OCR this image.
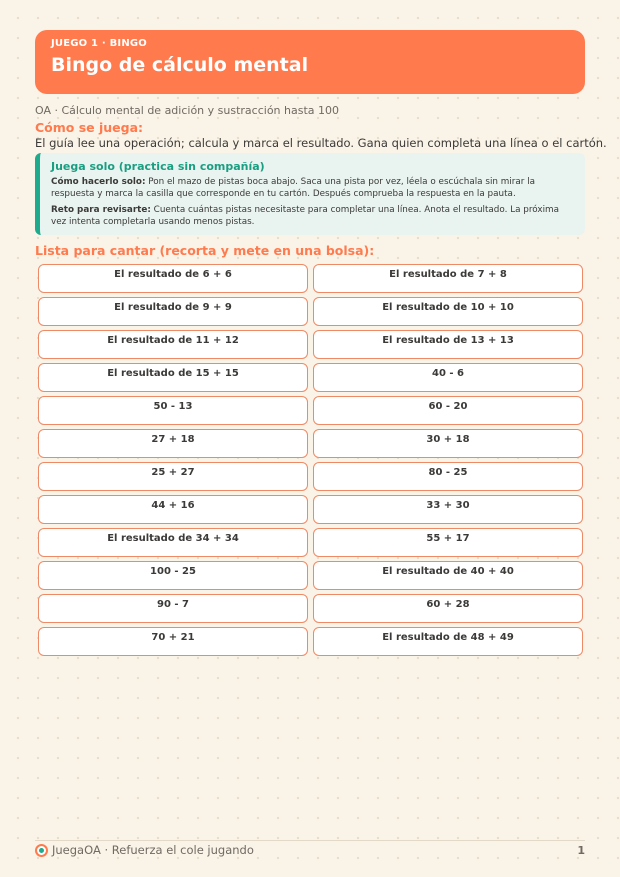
JUEGO 1 · BINGO
Bingo de cálculo mental
OA · Cálculo mental de adición y sustracción hasta 100
Cómo se juega:
El guía lee una operación; calcula y marca el resultado. Gana quien completa una línea o el cartón.
Juega solo (practica sin compañía)

Cómo hacerlo solo: Pon el mazo de pistas boca abajo. Saca una pista por vez, léela o escúchala sin mirar la respuesta y marca la casilla que corresponde en tu cartón. Después comprueba la respuesta en la pauta.

Reto para revisarte: Cuenta cuántas pistas necesitaste para completar una línea. Anota el resultado. La próxima vez intenta completarla usando menos pistas.

Lista para cantar (recorta y mete en una bolsa):
El resultado de 6 + 6	El resultado de 7 + 8
El resultado de 9 + 9	El resultado de 10 + 10
El resultado de 11 + 12	El resultado de 13 + 13
El resultado de 15 + 15	40 - 6
50 - 13	60 - 20
27 + 18	30 + 18
25 + 27	80 - 25
44 + 16	33 + 30
El resultado de 34 + 34	55 + 17
100 - 25	El resultado de 40 + 40
90 - 7	60 + 28
70 + 21	El resultado de 48 + 49
JuegaOA · Refuerza el cole jugando	1
